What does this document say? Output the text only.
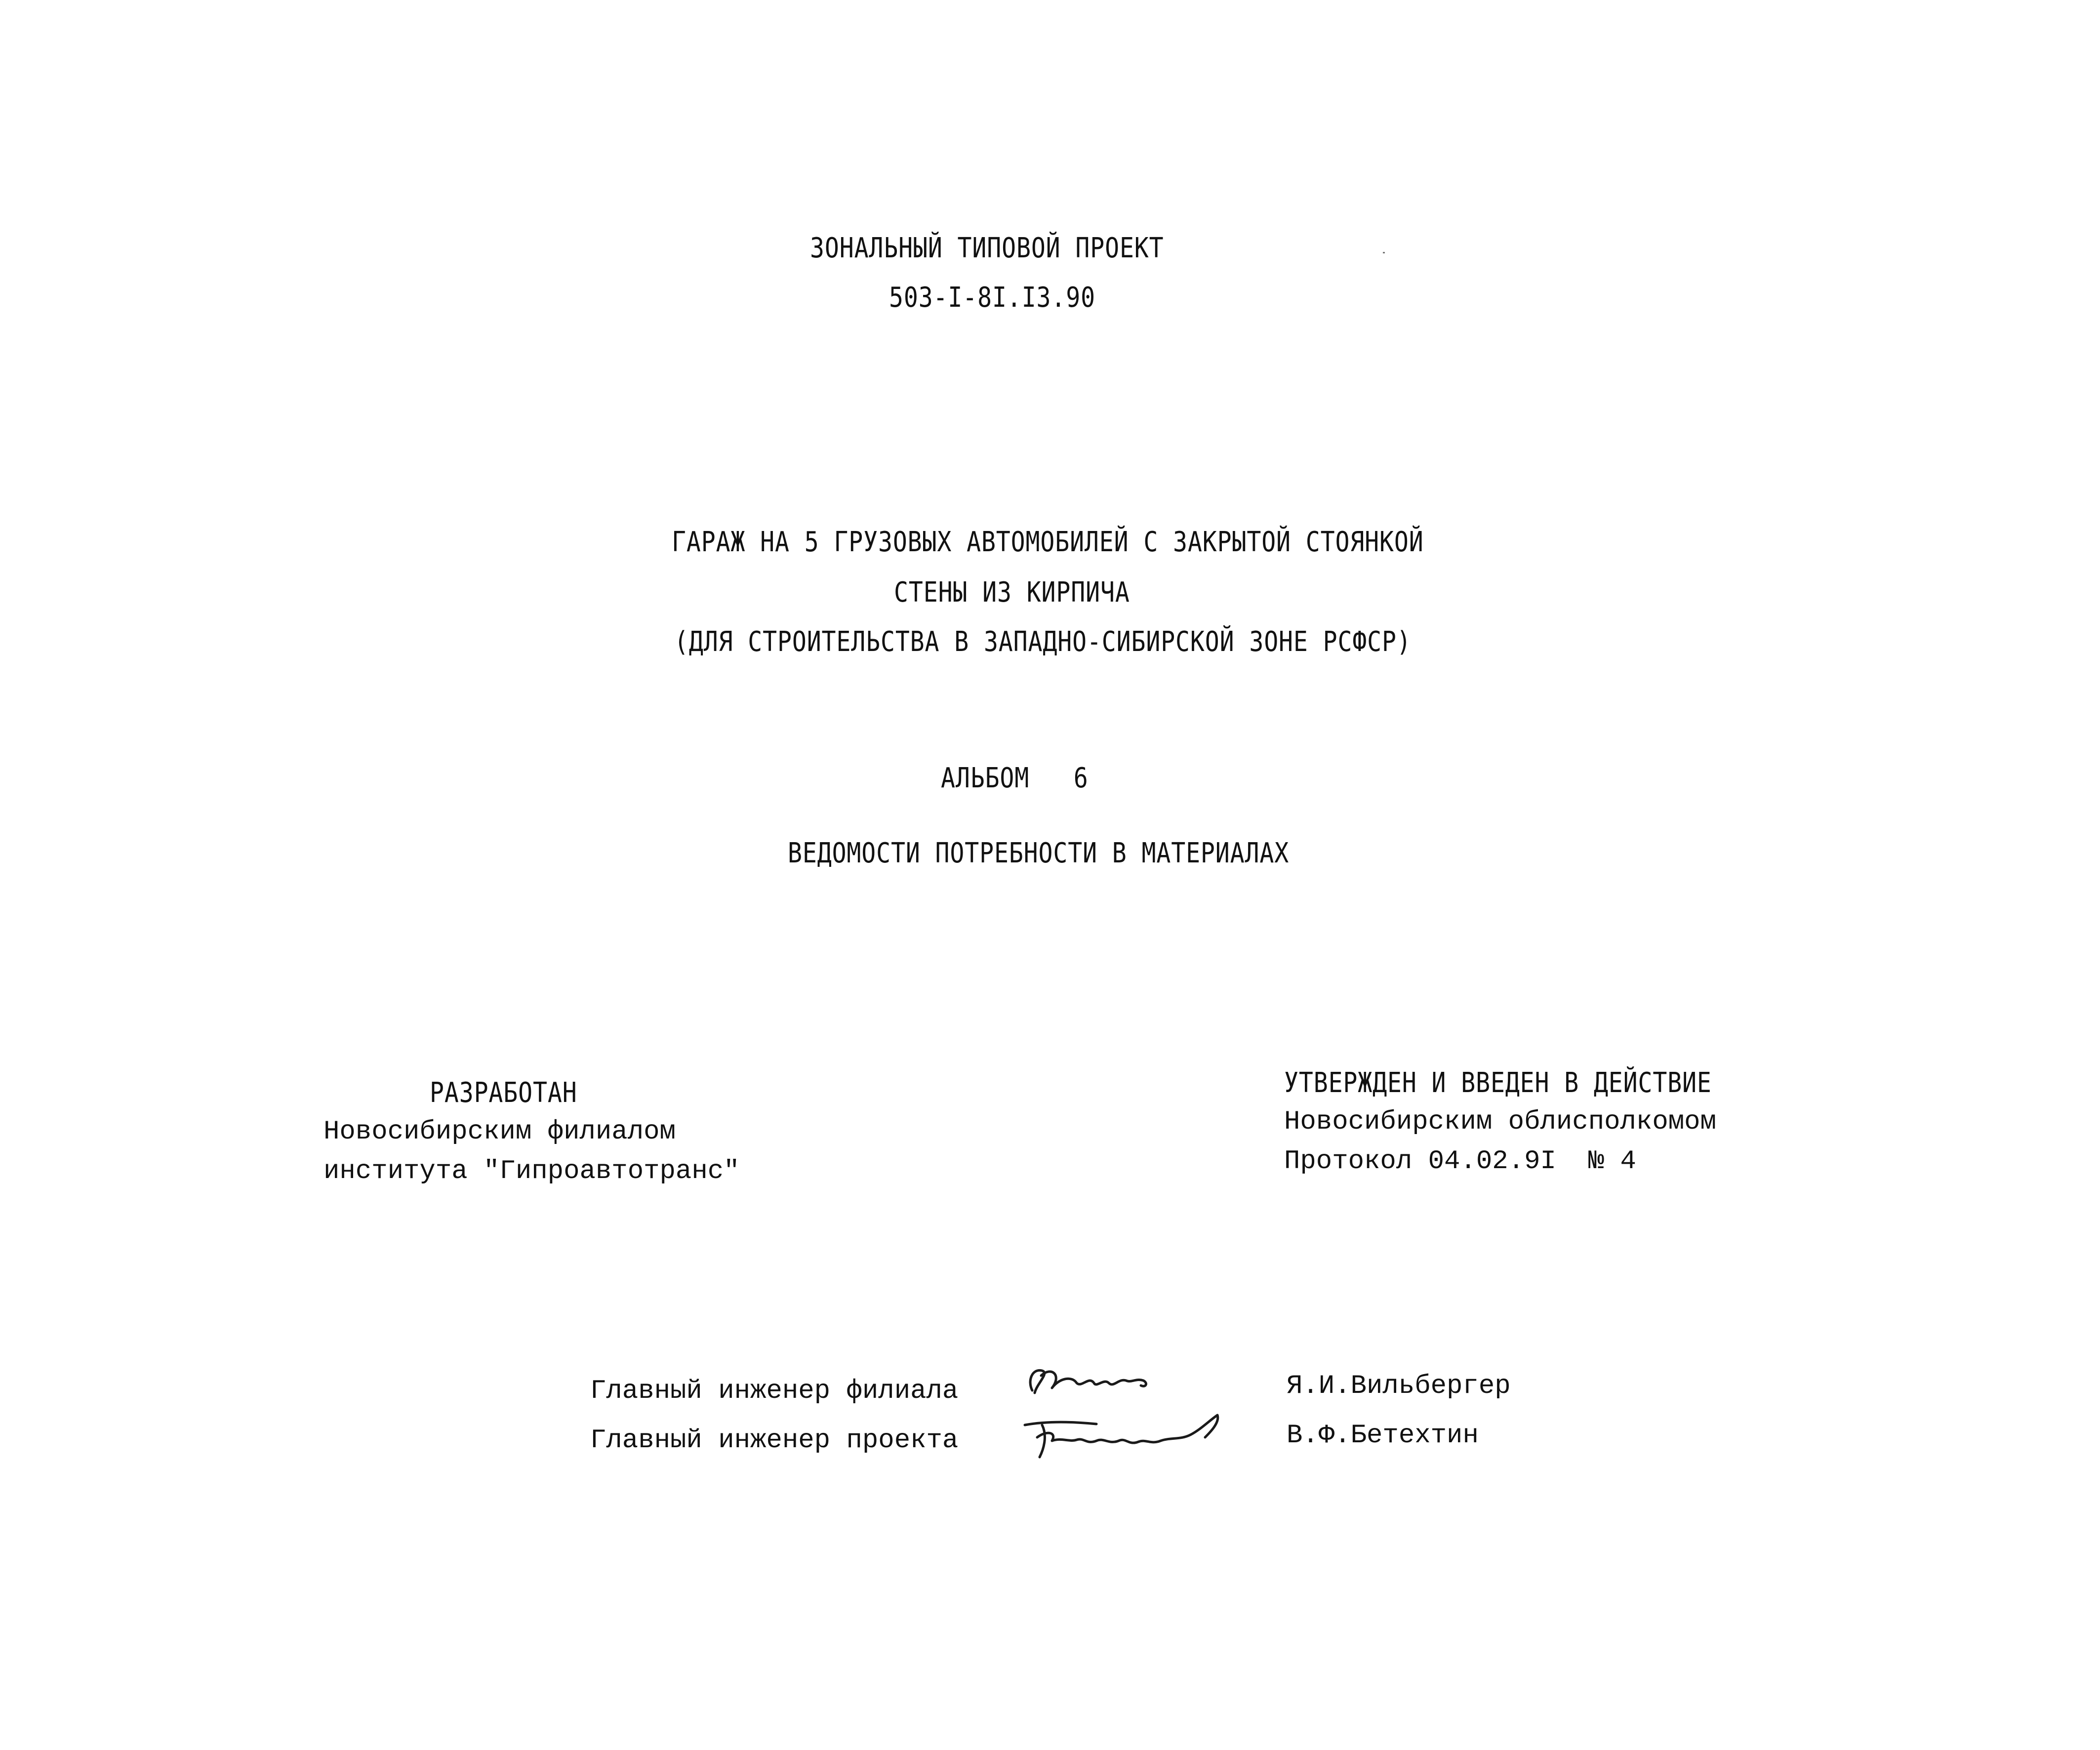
ЗОНАЛЬНЫЙ ТИПОВОЙ ПРОЕКТ
503-I-8I.I3.90
ГАРАЖ НА 5 ГРУЗОВЫХ АВТОМОБИЛЕЙ С ЗАКРЫТОЙ СТОЯНКОЙ
СТЕНЫ ИЗ КИРПИЧА
(ДЛЯ СТРОИТЕЛЬСТВА В ЗАПАДНО-СИБИРСКОЙ ЗОНЕ РСФСР)
АЛЬБОМ   6
ВЕДОМОСТИ ПОТРЕБНОСТИ В МАТЕРИАЛАХ
РАЗРАБОТАН
Новосибирским филиалом
института "Гипроавтотранс"
УТВЕРЖДЕН И ВВЕДЕН В ДЕЙСТВИЕ
Новосибирским облисполкомом
Протокол 04.02.9I  № 4
Главный инженер филиала
Главный инженер проекта
Я.И.Вильбергер
В.Ф.Бетехтин
